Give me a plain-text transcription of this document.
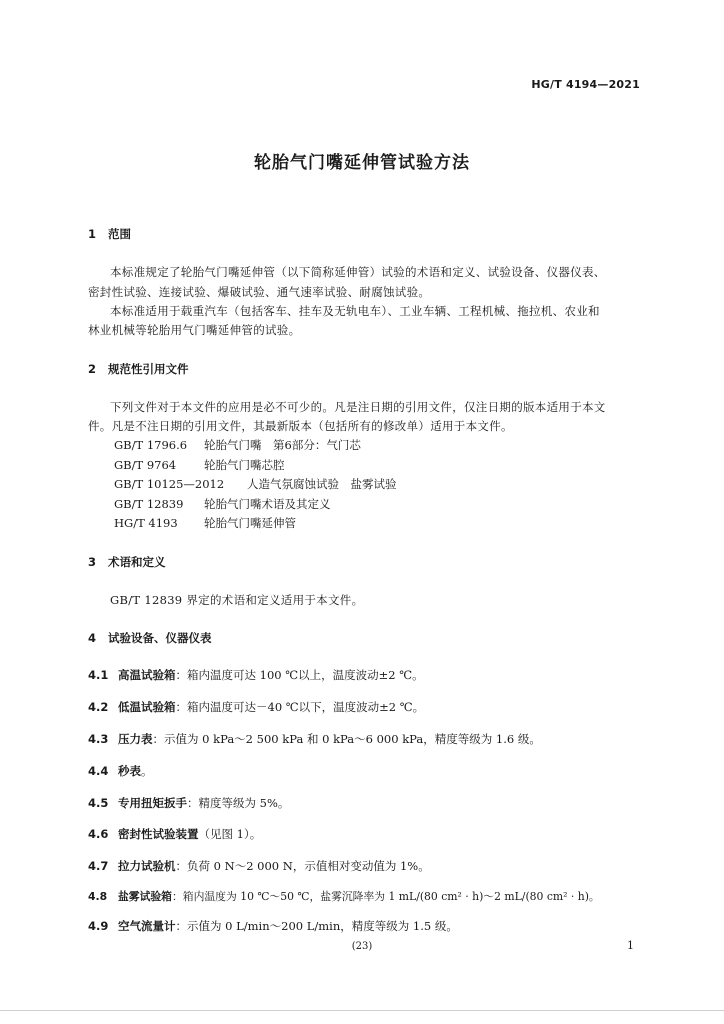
HG/T 4194—2021
轮胎气门嘴延伸管试验方法
1 范围
本标准规定了轮胎气门嘴延伸管（以下简称延伸管）试验的术语和定义、试验设备、仪器仪表、
密封性试验、连接试验、爆破试验、通气速率试验、耐腐蚀试验。
本标准适用于载重汽车（包括客车、挂车及无轨电车）、工业车辆、工程机械、拖拉机、农业和
林业机械等轮胎用气门嘴延伸管的试验。
2 规范性引用文件
下列文件对于本文件的应用是必不可少的。凡是注日期的引用文件，仅注日期的版本适用于本文
件。凡是不注日期的引用文件，其最新版本（包括所有的修改单）适用于本文件。
GB/T 1796.6 轮胎气门嘴　第6部分：气门芯
GB/T 9764 轮胎气门嘴芯腔
GB/T 10125—2012 人造气氛腐蚀试验　盐雾试验
GB/T 12839 轮胎气门嘴术语及其定义
HG/T 4193 轮胎气门嘴延伸管
3 术语和定义
GB/T 12839 界定的术语和定义适用于本文件。
4 试验设备、仪器仪表
4.1 高温试验箱：箱内温度可达 100 ℃以上，温度波动±2 ℃。
4.2 低温试验箱：箱内温度可达－40 ℃以下，温度波动±2 ℃。
4.3 压力表：示值为 0 kPa～2 500 kPa 和 0 kPa～6 000 kPa，精度等级为 1.6 级。
4.4 秒表。
4.5 专用扭矩扳手：精度等级为 5%。
4.6 密封性试验装置（见图 1）。
4.7 拉力试验机：负荷 0 N～2 000 N，示值相对变动值为 1%。
4.8 盐雾试验箱：箱内温度为 10 ℃～50 ℃，盐雾沉降率为 1 mL/(80 cm² · h)～2 mL/(80 cm² · h)。
4.9 空气流量计：示值为 0 L/min～200 L/min，精度等级为 1.5 级。
(23)	1
